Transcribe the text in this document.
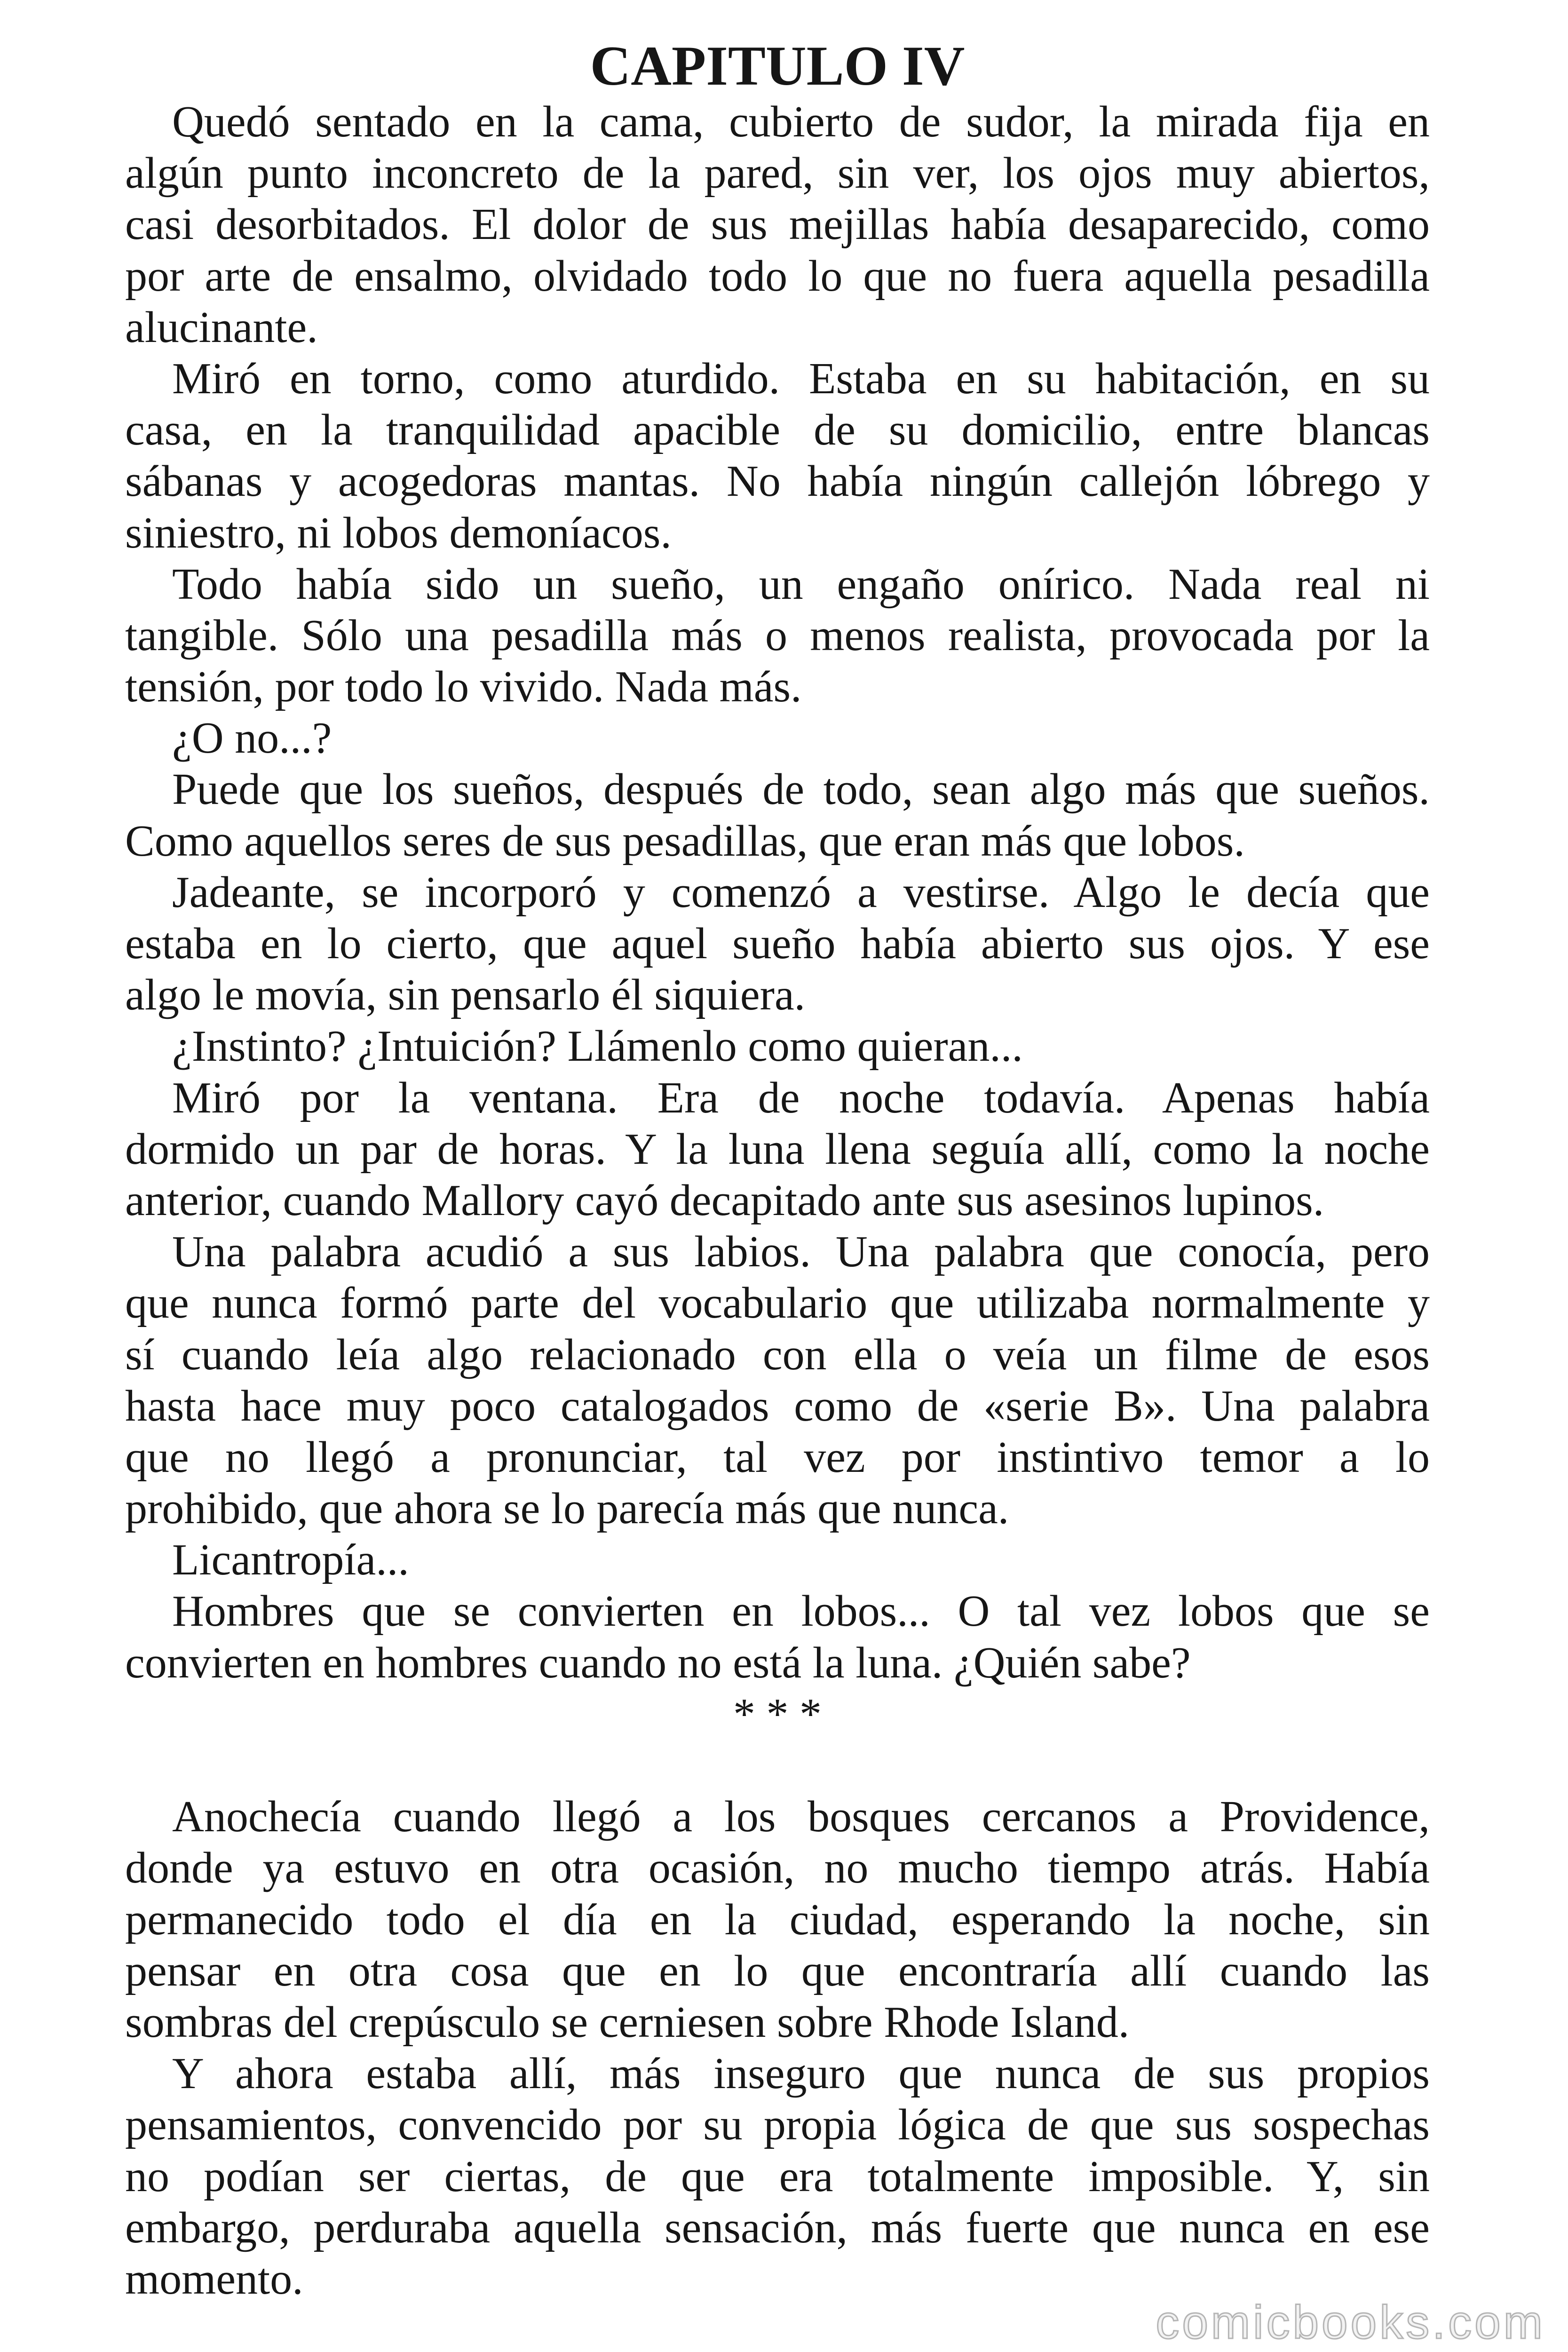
CAPITULO IV
Quedó sentado en la cama, cubierto de sudor, la mirada fija en
algún punto inconcreto de la pared, sin ver, los ojos muy abiertos,
casi desorbitados. El dolor de sus mejillas había desaparecido, como
por arte de ensalmo, olvidado todo lo que no fuera aquella pesadilla
alucinante.
Miró en torno, como aturdido. Estaba en su habitación, en su
casa, en la tranquilidad apacible de su domicilio, entre blancas
sábanas y acogedoras mantas. No había ningún callejón lóbrego y
siniestro, ni lobos demoníacos.
Todo había sido un sueño, un engaño onírico. Nada real ni
tangible. Sólo una pesadilla más o menos realista, provocada por la
tensión, por todo lo vivido. Nada más.
¿O no...?
Puede que los sueños, después de todo, sean algo más que sueños.
Como aquellos seres de sus pesadillas, que eran más que lobos.
Jadeante, se incorporó y comenzó a vestirse. Algo le decía que
estaba en lo cierto, que aquel sueño había abierto sus ojos. Y ese
algo le movía, sin pensarlo él siquiera.
¿Instinto? ¿Intuición? Llámenlo como quieran...
Miró por la ventana. Era de noche todavía. Apenas había
dormido un par de horas. Y la luna llena seguía allí, como la noche
anterior, cuando Mallory cayó decapitado ante sus asesinos lupinos.
Una palabra acudió a sus labios. Una palabra que conocía, pero
que nunca formó parte del vocabulario que utilizaba normalmente y
sí cuando leía algo relacionado con ella o veía un filme de esos
hasta hace muy poco catalogados como de «serie B». Una palabra
que no llegó a pronunciar, tal vez por instintivo temor a lo
prohibido, que ahora se lo parecía más que nunca.
Licantropía...
Hombres que se convierten en lobos... O tal vez lobos que se
convierten en hombres cuando no está la luna. ¿Quién sabe?
* * *
Anochecía cuando llegó a los bosques cercanos a Providence,
donde ya estuvo en otra ocasión, no mucho tiempo atrás. Había
permanecido todo el día en la ciudad, esperando la noche, sin
pensar en otra cosa que en lo que encontraría allí cuando las
sombras del crepúsculo se cerniesen sobre Rhode Island.
Y ahora estaba allí, más inseguro que nunca de sus propios
pensamientos, convencido por su propia lógica de que sus sospechas
no podían ser ciertas, de que era totalmente imposible. Y, sin
embargo, perduraba aquella sensación, más fuerte que nunca en ese
momento.
comicbooks.com
